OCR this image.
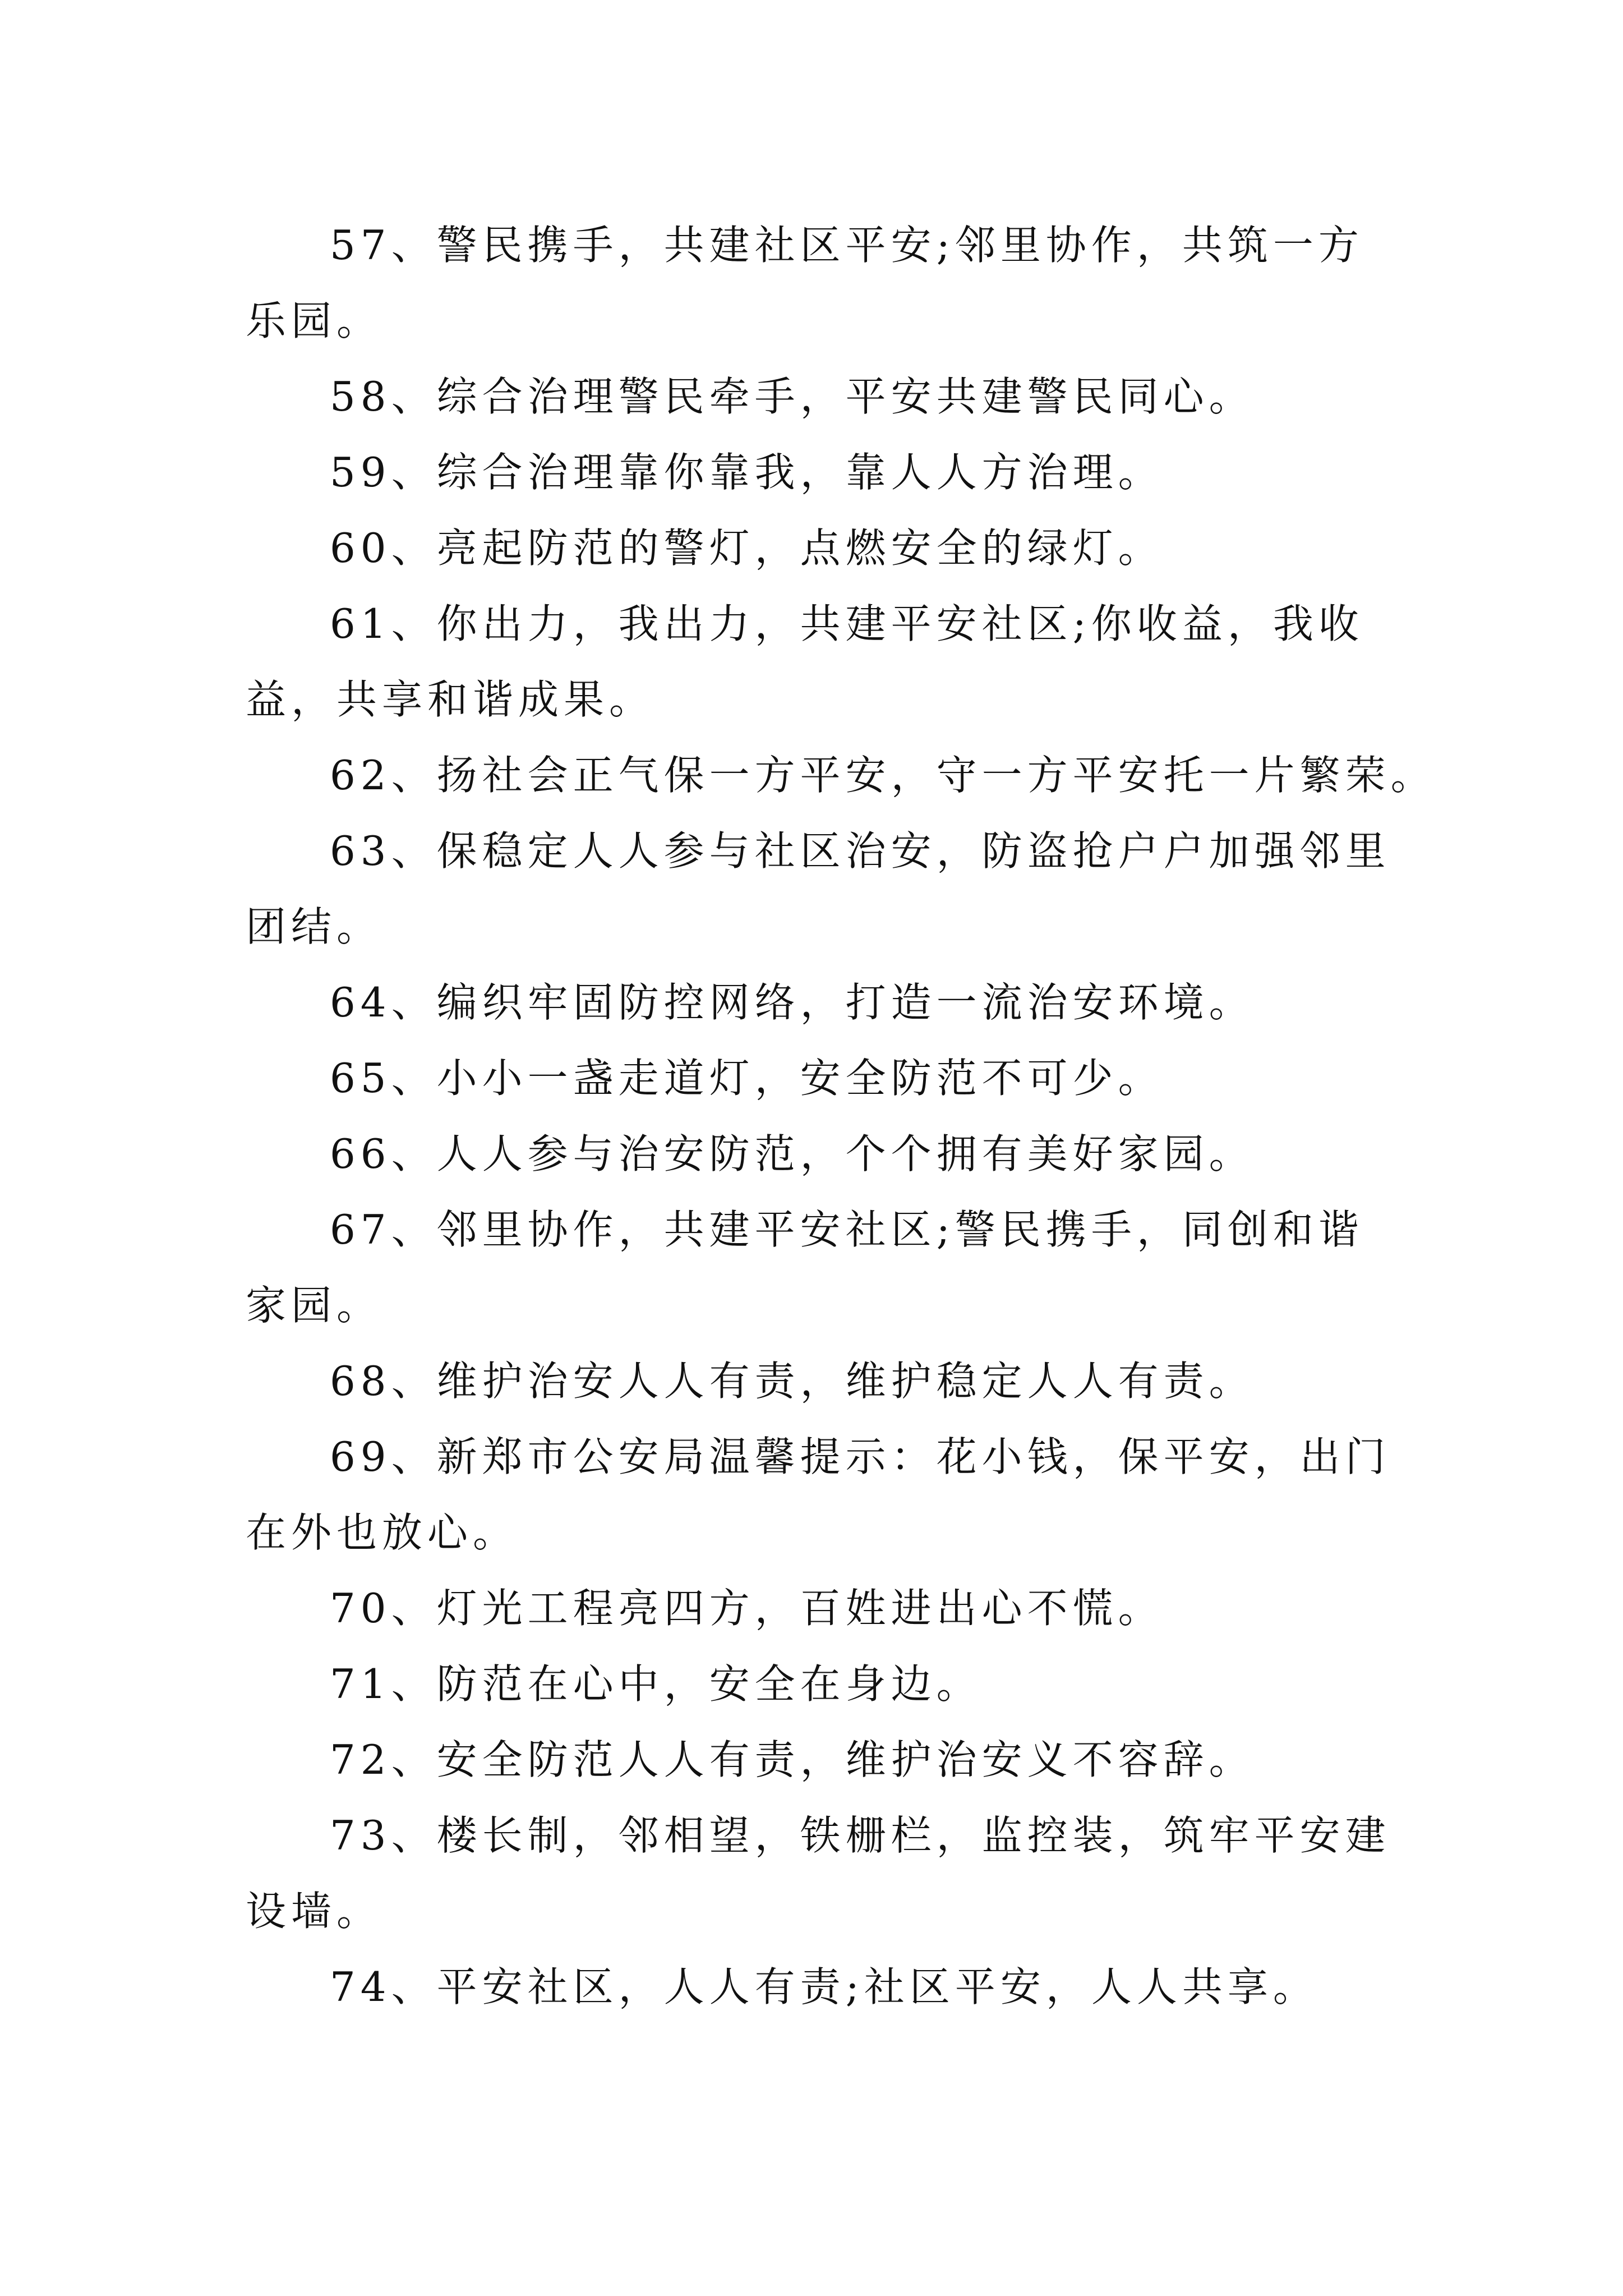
57、警民携手，共建社区平安;邻里协作，共筑一方乐园。

58、综合治理警民牵手，平安共建警民同心。

59、综合治理靠你靠我，靠人人方治理。

60、亮起防范的警灯，点燃安全的绿灯。

61、你出力，我出力，共建平安社区;你收益，我收益，共享和谐成果。

62、扬社会正气保一方平安，守一方平安托一片繁荣。

63、保稳定人人参与社区治安，防盗抢户户加强邻里团结。

64、编织牢固防控网络，打造一流治安环境。

65、小小一盏走道灯，安全防范不可少。

66、人人参与治安防范，个个拥有美好家园。

67、邻里协作，共建平安社区;警民携手，同创和谐家园。

68、维护治安人人有责，维护稳定人人有责。

69、新郑市公安局温馨提示：花小钱，保平安，出门在外也放心。

70、灯光工程亮四方，百姓进出心不慌。

71、防范在心中，安全在身边。

72、安全防范人人有责，维护治安义不容辞。

73、楼长制，邻相望，铁栅栏，监控装，筑牢平安建设墙。

74、平安社区，人人有责;社区平安，人人共享。
